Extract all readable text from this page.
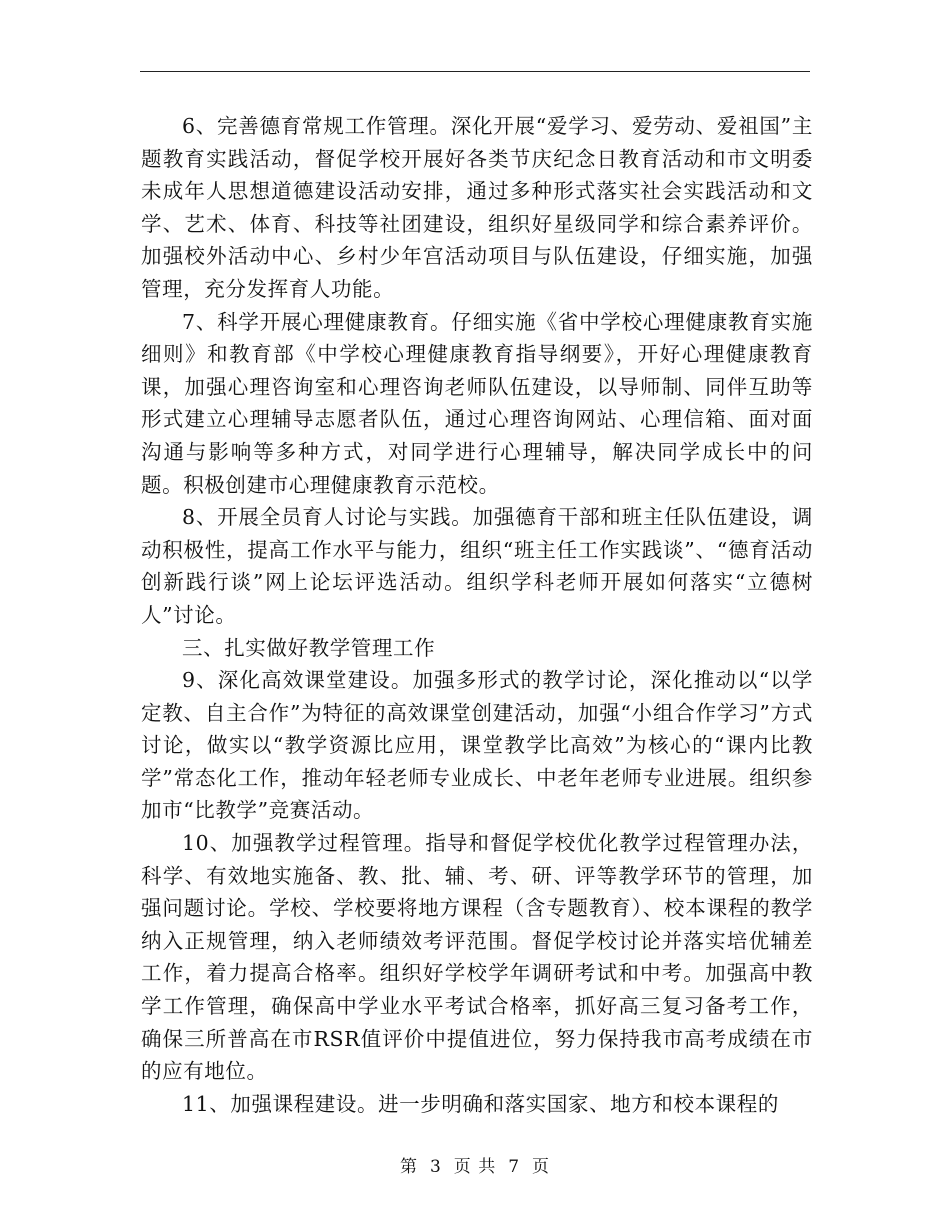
6、完善德育常规工作管理。深化开展“爱学习、爱劳动、爱祖国”主题教育实践活动，督促学校开展好各类节庆纪念日教育活动和市文明委未成年人思想道德建设活动安排，通过多种形式落实社会实践活动和文学、艺术、体育、科技等社团建设，组织好星级同学和综合素养评价。加强校外活动中心、乡村少年宫活动项目与队伍建设，仔细实施，加强管理，充分发挥育人功能。

7、科学开展心理健康教育。仔细实施《省中学校心理健康教育实施细则》和教育部《中学校心理健康教育指导纲要》，开好心理健康教育课，加强心理咨询室和心理咨询老师队伍建设，以导师制、同伴互助等形式建立心理辅导志愿者队伍，通过心理咨询网站、心理信箱、面对面沟通与影响等多种方式，对同学进行心理辅导，解决同学成长中的问题。积极创建市心理健康教育示范校。

8、开展全员育人讨论与实践。加强德育干部和班主任队伍建设，调动积极性，提高工作水平与能力，组织“班主任工作实践谈”、“德育活动创新践行谈”网上论坛评选活动。组织学科老师开展如何落实“立德树人”讨论。

三、扎实做好教学管理工作

9、深化高效课堂建设。加强多形式的教学讨论，深化推动以“以学定教、自主合作”为特征的高效课堂创建活动，加强“小组合作学习”方式讨论，做实以“教学资源比应用，课堂教学比高效”为核心的“课内比教学”常态化工作，推动年轻老师专业成长、中老年老师专业进展。组织参加市“比教学”竞赛活动。

10、加强教学过程管理。指导和督促学校优化教学过程管理办法，科学、有效地实施备、教、批、辅、考、研、评等教学环节的管理，加强问题讨论。学校、学校要将地方课程（含专题教育）、校本课程的教学纳入正规管理，纳入老师绩效考评范围。督促学校讨论并落实培优辅差工作，着力提高合格率。组织好学校学年调研考试和中考。加强高中教学工作管理，确保高中学业水平考试合格率，抓好高三复习备考工作，确保三所普高在市RSR值评价中提值进位，努力保持我市高考成绩在市的应有地位。

11、加强课程建设。进一步明确和落实国家、地方和校本课程的

第 3 页 共 7 页
